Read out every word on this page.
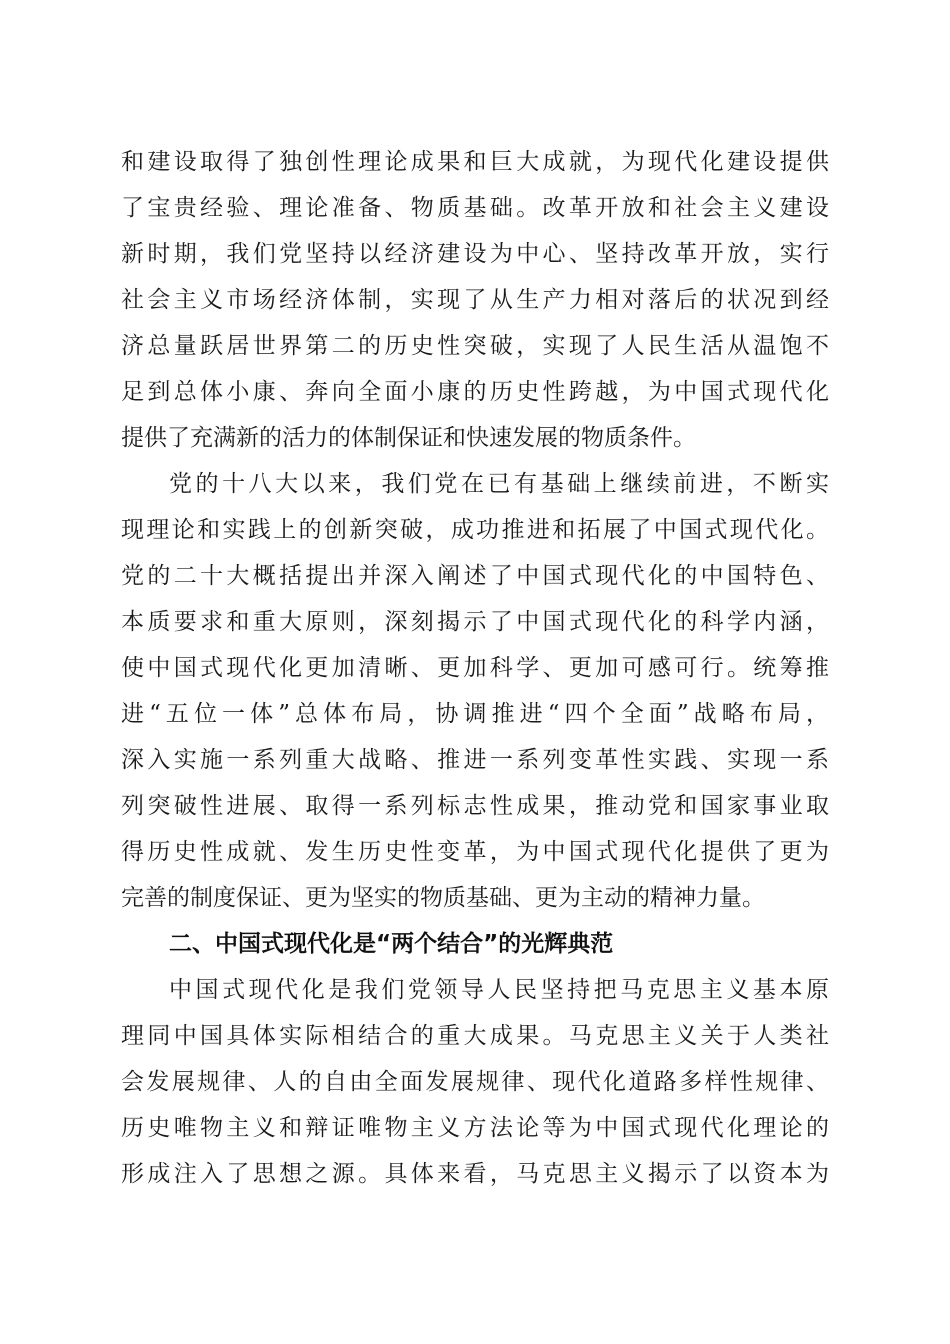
和建设取得了独创性理论成果和巨大成就，为现代化建设提供
了宝贵经验、理论准备、物质基础。改革开放和社会主义建设
新时期，我们党坚持以经济建设为中心、坚持改革开放，实行
社会主义市场经济体制，实现了从生产力相对落后的状况到经
济总量跃居世界第二的历史性突破，实现了人民生活从温饱不
足到总体小康、奔向全面小康的历史性跨越，为中国式现代化
提供了充满新的活力的体制保证和快速发展的物质条件。
党的十八大以来，我们党在已有基础上继续前进，不断实
现理论和实践上的创新突破，成功推进和拓展了中国式现代化。
党的二十大概括提出并深入阐述了中国式现代化的中国特色、
本质要求和重大原则，深刻揭示了中国式现代化的科学内涵，
使中国式现代化更加清晰、更加科学、更加可感可行。统筹推
进“五位一体”总体布局，协调推进“四个全面”战略布局，
深入实施一系列重大战略、推进一系列变革性实践、实现一系
列突破性进展、取得一系列标志性成果，推动党和国家事业取
得历史性成就、发生历史性变革，为中国式现代化提供了更为
完善的制度保证、更为坚实的物质基础、更为主动的精神力量。
二、中国式现代化是“两个结合”的光辉典范
中国式现代化是我们党领导人民坚持把马克思主义基本原
理同中国具体实际相结合的重大成果。马克思主义关于人类社
会发展规律、人的自由全面发展规律、现代化道路多样性规律、
历史唯物主义和辩证唯物主义方法论等为中国式现代化理论的
形成注入了思想之源。具体来看，马克思主义揭示了以资本为
